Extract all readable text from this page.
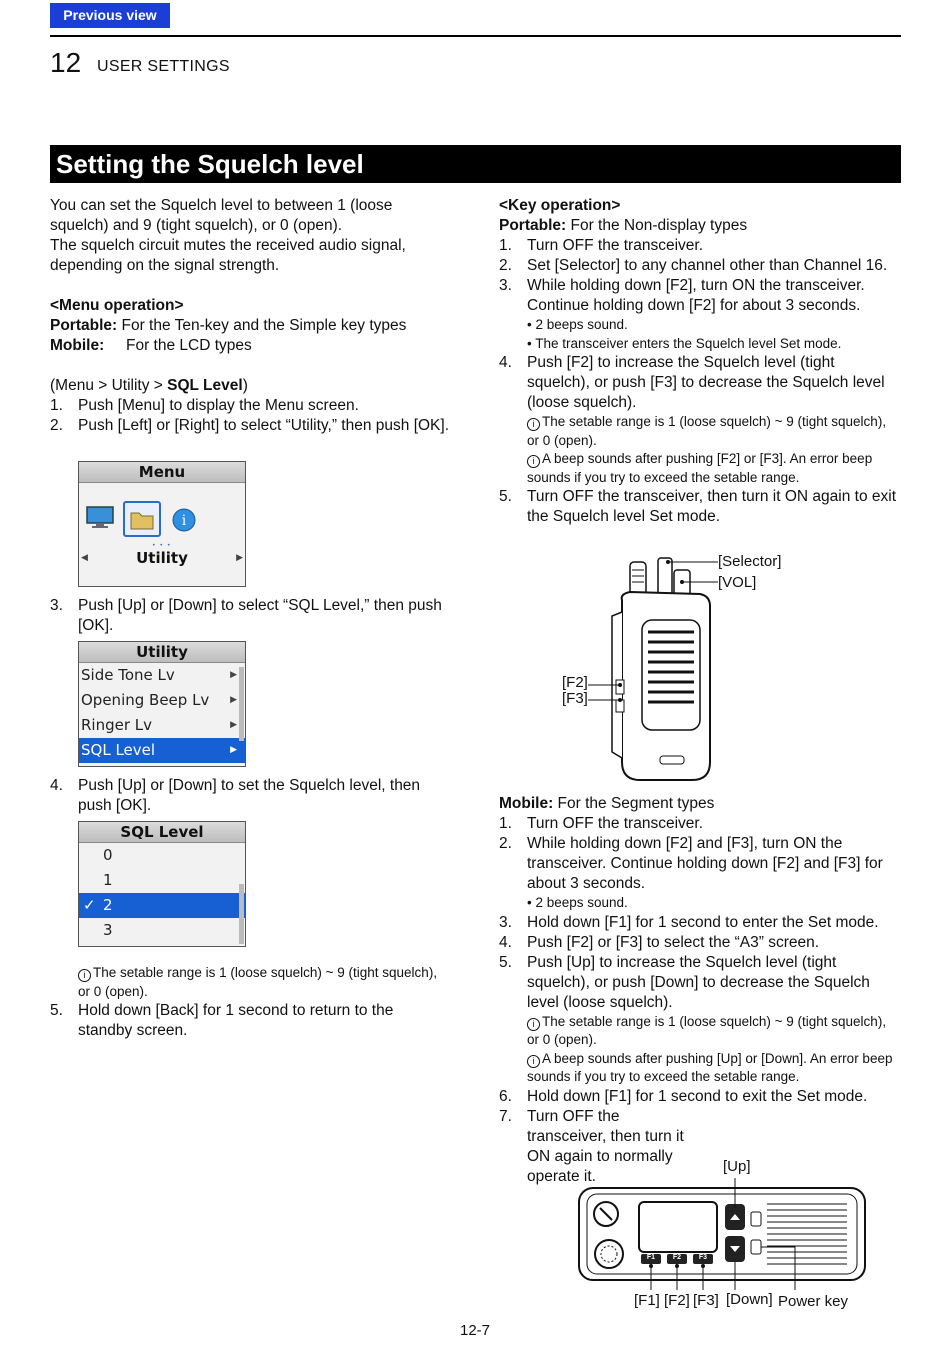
Previous view
12 USER SETTINGS
Setting the Squelch level

You can set the Squelch level to between 1 (loose squelch) and 9 (tight squelch), or 0 (open).

The squelch circuit mutes the received audio signal, depending on the signal strength.

<Menu operation>

Portable: For the Ten-key and the Simple key types

Mobile: For the LCD types

(Menu > Utility > SQL Level)

1. Push [Menu] to display the Menu screen.
2. Push [Left] or [Right] to select “Utility,” then push [OK].
Menu
i
• • •
◀	Utility	▶
3. Push [Up] or [Down] to select “SQL Level,” then push [OK].
Utility
Side Tone Lv	▶
Opening Beep Lv ▶
Ringer Lv	▶
SQL Level	▶
4. Push [Up] or [Down] to set the Squelch level, then push [OK].
SQL Level
0
1
✓ 2
3
i The setable range is 1 (loose squelch) ~ 9 (tight squelch), or 0 (open).
5. Hold down [Back] for 1 second to return to the standby screen.

<Key operation>

Portable: For the Non-display types

1. Turn OFF the transceiver.
2. Set [Selector] to any channel other than Channel 16.
3. While holding down [F2], turn ON the transceiver. Continue holding down [F2] for about 3 seconds.
• 2 beeps sound.
• The transceiver enters the Squelch level Set mode.
4. Push [F2] to increase the Squelch level (tight squelch), or push [F3] to decrease the Squelch level (loose squelch).
i The setable range is 1 (loose squelch) ~ 9 (tight squelch), or 0 (open).
i A beep sounds after pushing [F2] or [F3]. An error beep sounds if you try to exceed the setable range.
5. Turn OFF the transceiver, then turn it ON again to exit the Squelch level Set mode.
[Selector]
[VOL]
[F2]
[F3]

Mobile: For the Segment types

1. Turn OFF the transceiver.
2. While holding down [F2] and [F3], turn ON the transceiver. Continue holding down [F2] and [F3] for about 3 seconds.
• 2 beeps sound.
3. Hold down [F1] for 1 second to enter the Set mode.
4. Push [F2] or [F3] to select the “A3” screen.
5. Push [Up] to increase the Squelch level (tight squelch), or push [Down] to decrease the Squelch level (loose squelch).
i The setable range is 1 (loose squelch) ~ 9 (tight squelch), or 0 (open).
i A beep sounds after pushing [Up] or [Down]. An error beep sounds if you try to exceed the setable range.
6. Hold down [F1] for 1 second to exit the Set mode.
7. Turn OFF the transceiver, then turn it ON again to normally operate it.
[Up]
F1	F2	F3
[F1] [F2] [F3] [Down] Power key
12-7
